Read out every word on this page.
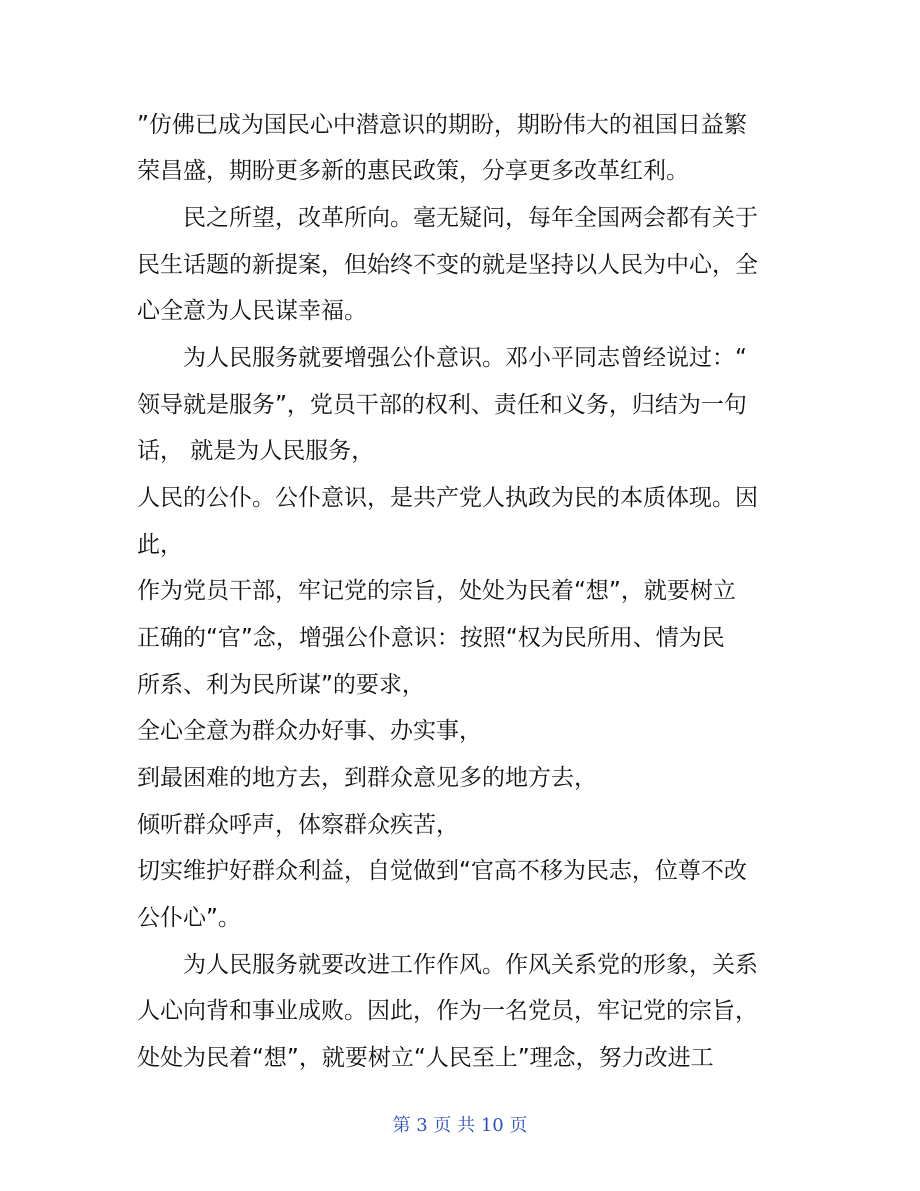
”仿佛已成为国民心中潜意识的期盼，期盼伟大的祖国日益繁

荣昌盛，期盼更多新的惠民政策，分享更多改革红利。

民之所望，改革所向。毫无疑问，每年全国两会都有关于

民生话题的新提案，但始终不变的就是坚持以人民为中心，全

心全意为人民谋幸福。

为人民服务就要增强公仆意识。邓小平同志曾经说过：“

领导就是服务”，党员干部的权利、责任和义务，归结为一句

话， 就是为人民服务，

人民的公仆。公仆意识，是共产党人执政为民的本质体现。因

此，

作为党员干部，牢记党的宗旨，处处为民着“想”，就要树立

正确的“官”念，增强公仆意识：按照“权为民所用、情为民

所系、利为民所谋”的要求，

全心全意为群众办好事、办实事，

到最困难的地方去，到群众意见多的地方去，

倾听群众呼声，体察群众疾苦，

切实维护好群众利益，自觉做到“官高不移为民志，位尊不改

公仆心”。

为人民服务就要改进工作作风。作风关系党的形象，关系

人心向背和事业成败。因此，作为一名党员，牢记党的宗旨，

处处为民着“想”，就要树立“人民至上”理念，努力改进工

第 3 页 共 10 页
